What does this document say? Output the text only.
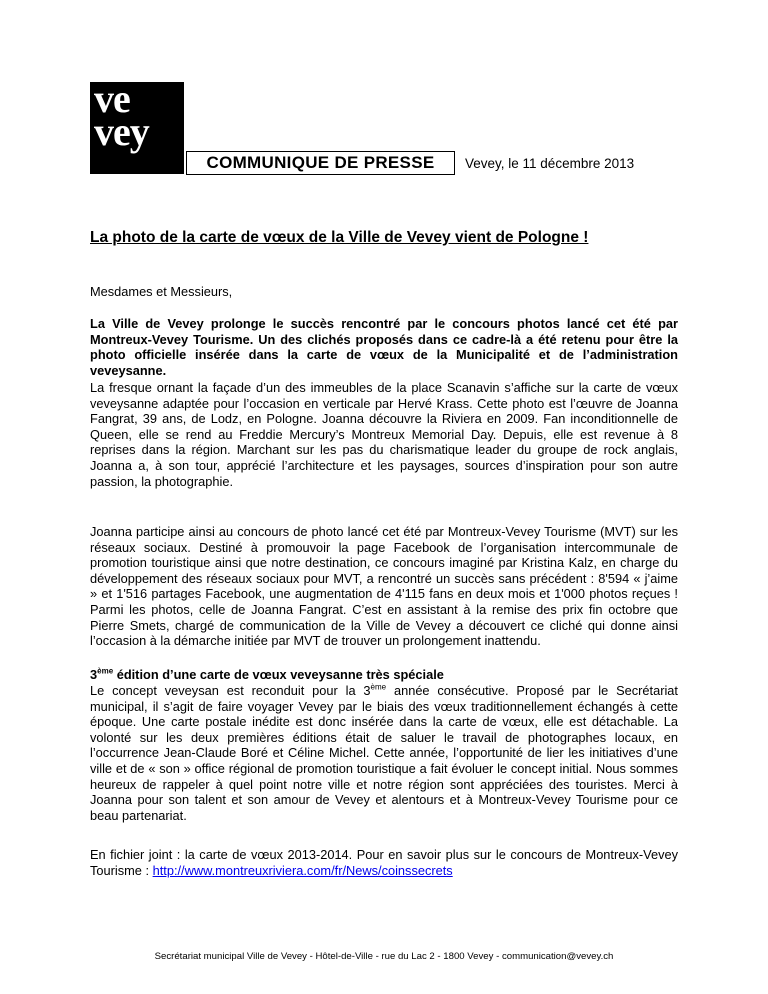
ve
vey
ville d'images	COMMUNIQUE DE PRESSE	Vevey, le 11 décembre 2013
La photo de la carte de vœux de la Ville de Vevey vient de Pologne !
Mesdames et Messieurs,
La Ville de Vevey prolonge le succès rencontré par le concours photos lancé cet été par Montreux-Vevey Tourisme. Un des clichés proposés dans ce cadre-là a été retenu pour être la photo officielle insérée dans la carte de vœux de la Municipalité et de l’administration veveysanne.
La fresque ornant la façade d’un des immeubles de la place Scanavin s’affiche sur la carte de vœux veveysanne adaptée pour l’occasion en verticale par Hervé Krass. Cette photo est l’œuvre de Joanna Fangrat, 39 ans, de Lodz, en Pologne. Joanna découvre la Riviera en 2009. Fan inconditionnelle de Queen, elle se rend au Freddie Mercury’s Montreux Memorial Day. Depuis, elle est revenue à 8 reprises dans la région. Marchant sur les pas du charismatique leader du groupe de rock anglais, Joanna a, à son tour, apprécié l’architecture et les paysages, sources d’inspiration pour son autre passion, la photographie.
Joanna participe ainsi au concours de photo lancé cet été par Montreux-Vevey Tourisme (MVT) sur les réseaux sociaux. Destiné à promouvoir la page Facebook de l’organisation intercommunale de promotion touristique ainsi que notre destination, ce concours imaginé par Kristina Kalz, en charge du développement des réseaux sociaux pour MVT, a rencontré un succès sans précédent : 8'594 « j’aime » et 1'516 partages Facebook, une augmentation de 4'115 fans en deux mois et 1'000 photos reçues ! Parmi les photos, celle de Joanna Fangrat. C’est en assistant à la remise des prix fin octobre que Pierre Smets, chargé de communication de la Ville de Vevey a découvert ce cliché qui donne ainsi l’occasion à la démarche initiée par MVT de trouver un prolongement inattendu.
3ème édition d’une carte de vœux veveysanne très spéciale
Le concept veveysan est reconduit pour la 3ème année consécutive. Proposé par le Secrétariat municipal, il s’agit de faire voyager Vevey par le biais des vœux traditionnellement échangés à cette époque. Une carte postale inédite est donc insérée dans la carte de vœux, elle est détachable. La volonté sur les deux premières éditions était de saluer le travail de photographes locaux, en l’occurrence Jean-Claude Boré et Céline Michel. Cette année, l’opportunité de lier les initiatives d’une ville et de « son » office régional de promotion touristique a fait évoluer le concept initial. Nous sommes heureux de rappeler à quel point notre ville et notre région sont appréciées des touristes. Merci à Joanna pour son talent et son amour de Vevey et alentours et à Montreux-Vevey Tourisme pour ce beau partenariat.
En fichier joint : la carte de vœux 2013-2014. Pour en savoir plus sur le concours de Montreux-Vevey Tourisme : http://www.montreuxriviera.com/fr/News/coinssecrets
Secrétariat municipal Ville de Vevey - Hôtel-de-Ville - rue du Lac 2 - 1800 Vevey - communication@vevey.ch
